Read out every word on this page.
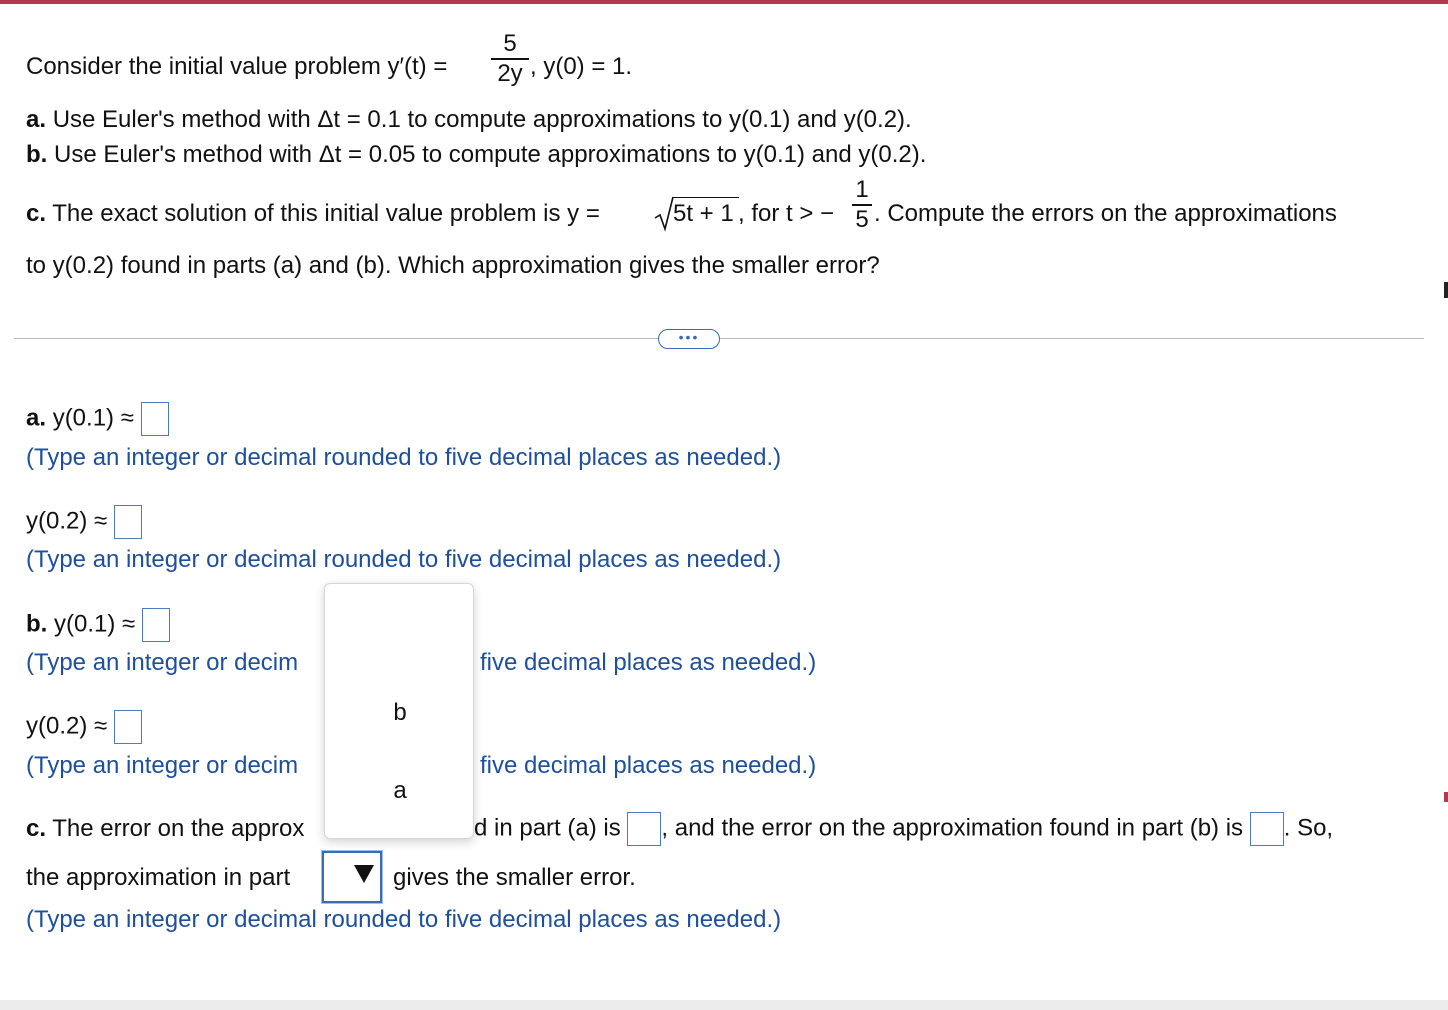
Consider the initial value problem y′(t) =
5
2y , y(0) = 1.
a. Use Euler's method with Δt = 0.1 to compute approximations to y(0.1) and y(0.2).
b. Use Euler's method with Δt = 0.05 to compute approximations to y(0.1) and y(0.2).
c. The exact solution of this initial value problem is y =	5t + 1 , for t > −
1
5 . Compute the errors on the approximations
to y(0.2) found in parts (a) and (b). Which approximation gives the smaller error?
•••
a. y(0.1) ≈
(Type an integer or decimal rounded to five decimal places as needed.)
y(0.2) ≈
(Type an integer or decimal rounded to five decimal places as needed.)
b. y(0.1) ≈
(Type an integer or decim	five decimal places as needed.)
y(0.2) ≈
(Type an integer or decim	five decimal places as needed.)
c. The error on the approx	d in part (a) is , and the error on the approximation found in part (b) is . So,
the approximation in part	gives the smaller error.
(Type an integer or decimal rounded to five decimal places as needed.)
b
a
